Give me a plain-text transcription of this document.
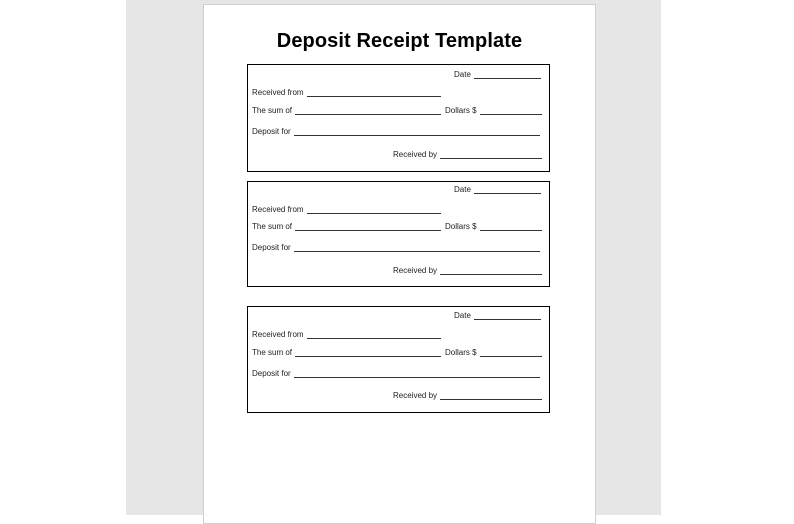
Deposit Receipt Template
Date
Received from
The sum of	Dollars $
Deposit for
Received by
Date
Received from
The sum of	Dollars $
Deposit for
Received by
Date
Received from
The sum of	Dollars $
Deposit for
Received by
